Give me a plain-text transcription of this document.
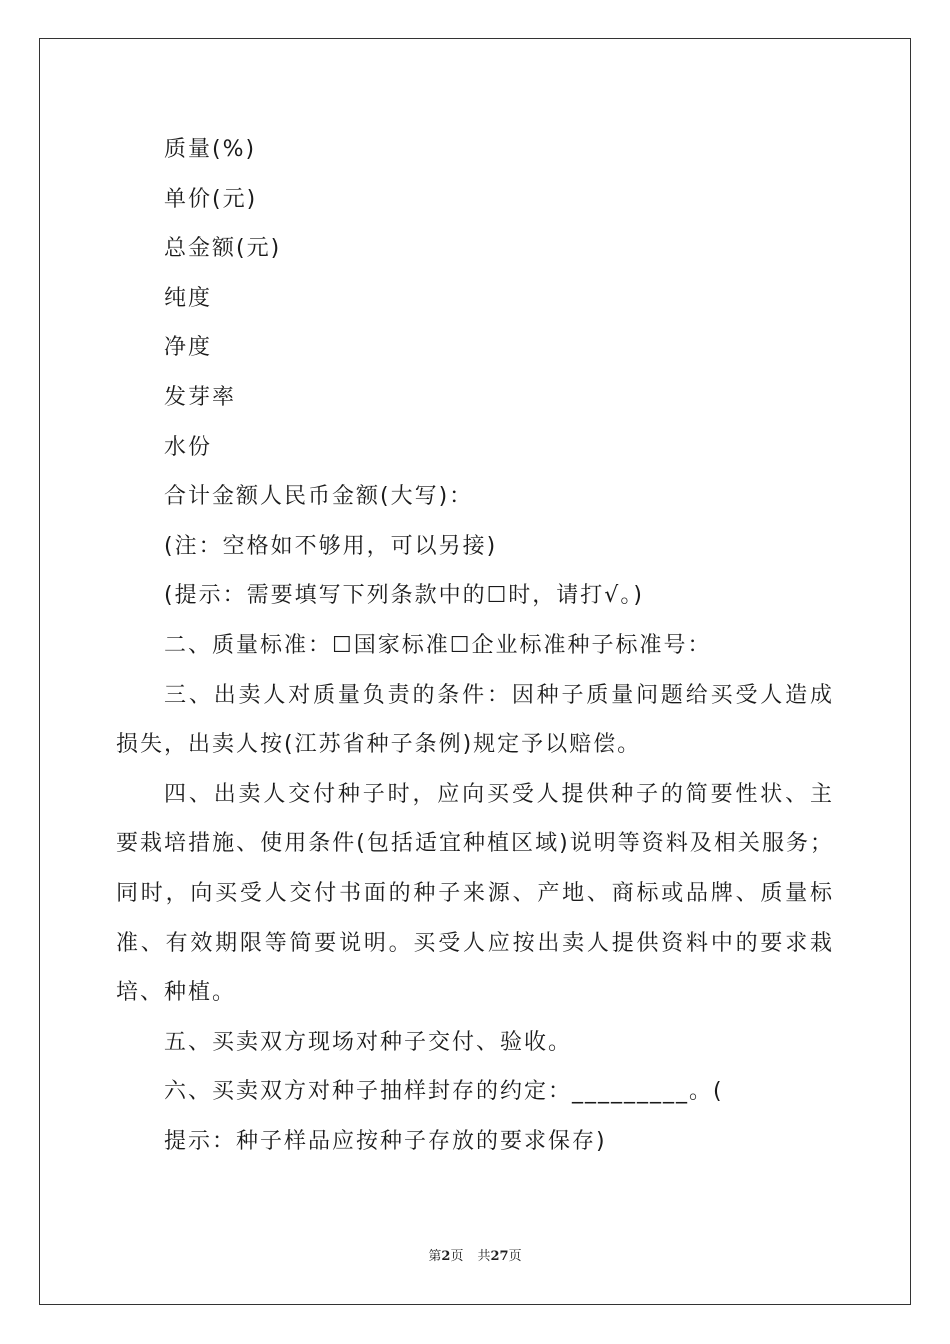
质量(%)
单价(元)
总金额(元)
纯度
净度
发芽率
水份
合计金额人民币金额(大写)：
(注：空格如不够用，可以另接)
(提示：需要填写下列条款中的☐时，请打√。)
二、质量标准：☐国家标准☐企业标准种子标准号：

三、出卖人对质量负责的条件：因种子质量问题给买受人造成损失，出卖人按(江苏省种子条例)规定予以赔偿。

四、出卖人交付种子时，应向买受人提供种子的简要性状、主要栽培措施、使用条件(包括适宜种植区域)说明等资料及相关服务；同时，向买受人交付书面的种子来源、产地、商标或品牌、质量标准、有效期限等简要说明。买受人应按出卖人提供资料中的要求栽培、种植。

五、买卖双方现场对种子交付、验收。
六、买卖双方对种子抽样封存的约定：_________。(
提示：种子样品应按种子存放的要求保存)
第2页 共27页
